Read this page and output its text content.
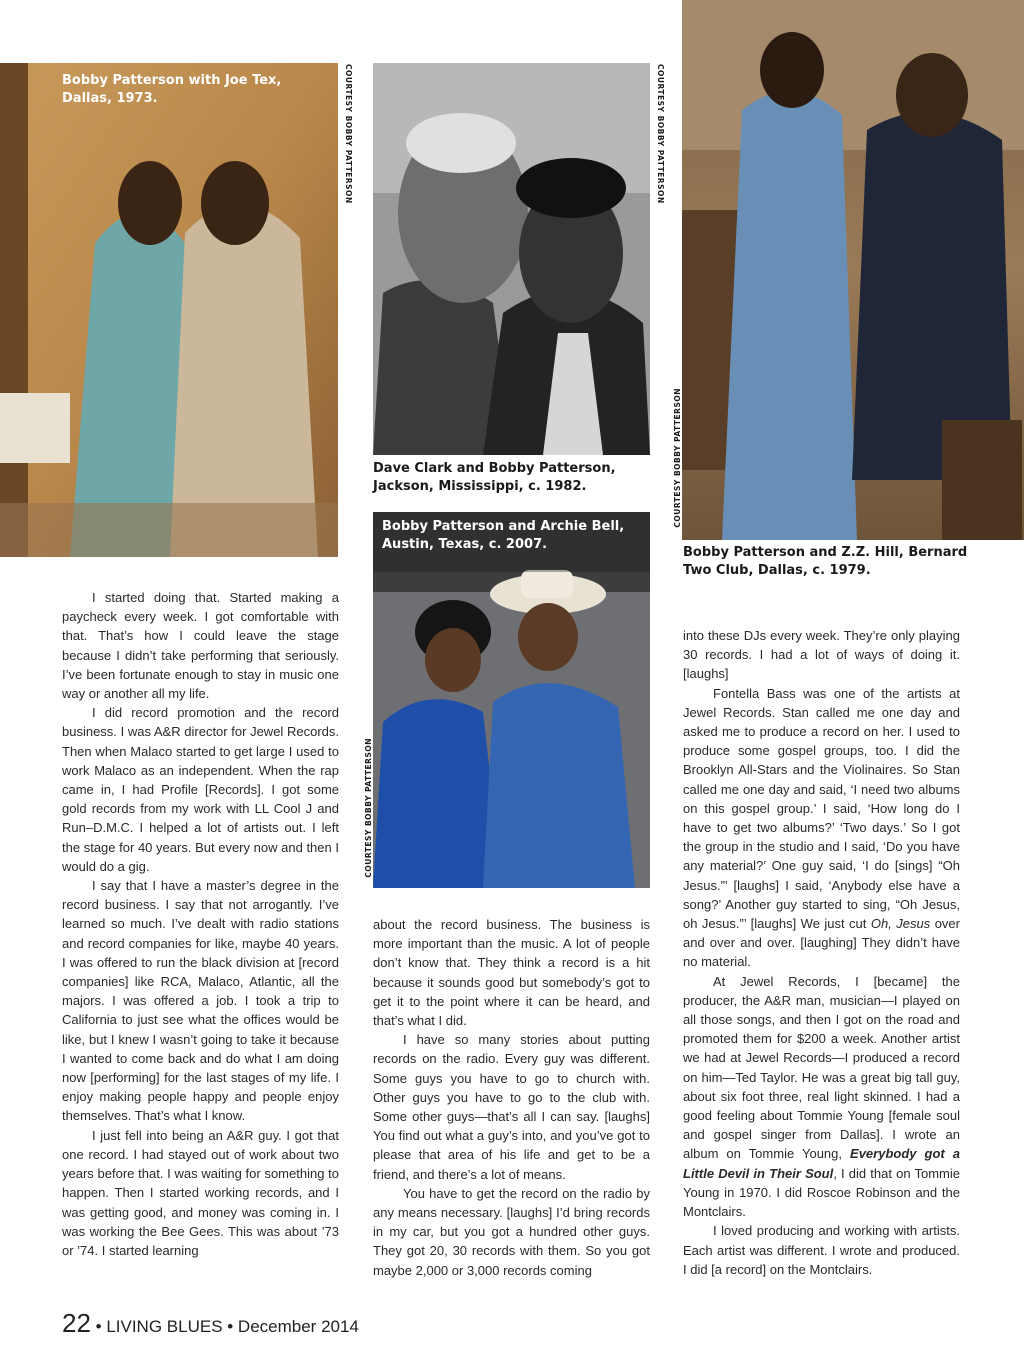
Bobby Patterson with Joe Tex, Dallas, 1973.	COURTESY BOBBY PATTERSON
Dave Clark and Bobby Patterson, Jackson, Mississippi, c. 1982.
COURTESY BOBBY PATTERSON
Bobby Patterson and Archie Bell, Austin, Texas, c. 2007.
COURTESY BOBBY PATTERSON
Bobby Patterson and Z.Z. Hill, Bernard Two Club, Dallas, c. 1979.
COURTESY BOBBY PATTERSON

I started doing that. Started making a paycheck every week. I got comfortable with that. That’s how I could leave the stage because I didn’t take performing that seriously. I’ve been fortunate enough to stay in music one way or another all my life.

I did record promotion and the record business. I was A&R director for Jewel Records. Then when Malaco started to get large I used to work Malaco as an independent. When the rap came in, I had Profile [Records]. I got some gold records from my work with LL Cool J and Run–D.M.C. I helped a lot of artists out. I left the stage for 40 years. But every now and then I would do a gig.

I say that I have a master’s degree in the record business. I say that not arrogantly. I’ve learned so much. I’ve dealt with radio stations and record companies for like, maybe 40 years. I was offered to run the black division at [record companies] like RCA, Malaco, Atlantic, all the majors. I was offered a job. I took a trip to California to just see what the offices would be like, but I knew I wasn’t going to take it because I wanted to come back and do what I am doing now [performing] for the last stages of my life. I enjoy making people happy and people enjoy themselves. That’s what I know.

I just fell into being an A&R guy. I got that one record. I had stayed out of work about two years before that. I was waiting for something to happen. Then I started working records, and I was getting good, and money was coming in. I was working the Bee Gees. This was about ’73 or ’74. I started learning

about the record business. The business is more important than the music. A lot of people don’t know that. They think a record is a hit because it sounds good but somebody’s got to get it to the point where it can be heard, and that’s what I did.

I have so many stories about putting records on the radio. Every guy was different. Some guys you have to go to church with. Other guys you have to go to the club with. Some other guys—that’s all I can say. [laughs] You find out what a guy’s into, and you’ve got to please that area of his life and get to be a friend, and there’s a lot of means.

You have to get the record on the radio by any means necessary. [laughs] I’d bring records in my car, but you got a hundred other guys. They got 20, 30 records with them. So you got maybe 2,000 or 3,000 records coming

into these DJs every week. They’re only playing 30 records. I had a lot of ways of doing it. [laughs]

Fontella Bass was one of the artists at Jewel Records. Stan called me one day and asked me to produce a record on her. I used to produce some gospel groups, too. I did the Brooklyn All-Stars and the Violinaires. So Stan called me one day and said, ‘I need two albums on this gospel group.’ I said, ‘How long do I have to get two albums?’ ‘Two days.’ So I got the group in the studio and I said, ‘Do you have any material?’ One guy said, ‘I do [sings] “Oh Jesus.”’ [laughs] I said, ‘Anybody else have a song?’ Another guy started to sing, “Oh Jesus, oh Jesus.”’ [laughs] We just cut Oh, Jesus over and over and over. [laughing] They didn’t have no material.

At Jewel Records, I [became] the producer, the A&R man, musician—I played on all those songs, and then I got on the road and promoted them for $200 a week. Another artist we had at Jewel Records—I produced a record on him—Ted Taylor. He was a great big tall guy, about six foot three, real light skinned. I had a good feeling about Tommie Young [female soul and gospel singer from Dallas]. I wrote an album on Tommie Young, Everybody got a Little Devil in Their Soul, I did that on Tommie Young in 1970. I did Roscoe Robinson and the Montclairs.

I loved producing and working with artists. Each artist was different. I wrote and produced. I did [a record] on the Montclairs.

22 • LIVING BLUES • December 2014
